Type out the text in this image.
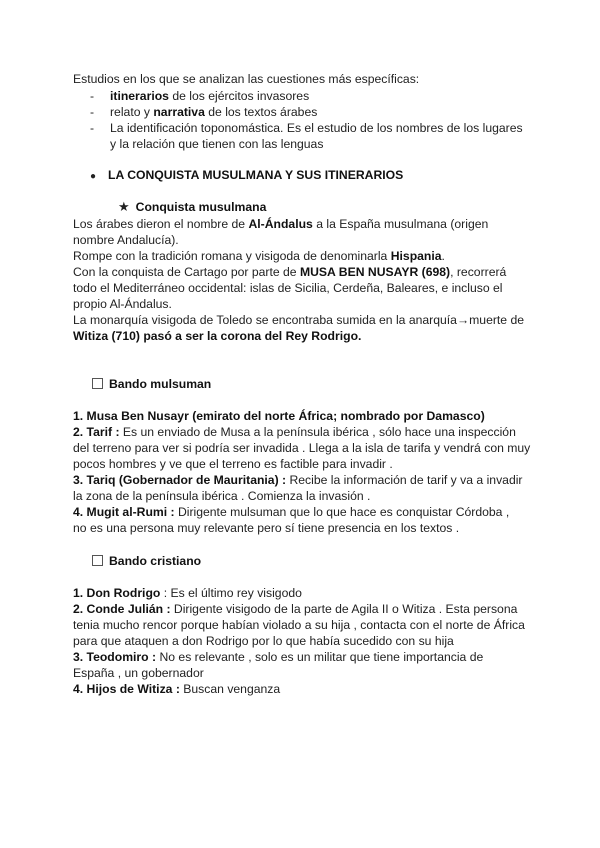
Estudios en los que se analizan las cuestiones más específicas:
- itinerarios de los ejércitos invasores
- relato y narrativa de los textos árabes
- La identificación toponomástica. Es el estudio de los nombres de los lugares
y la relación que tienen con las lenguas
● LA CONQUISTA MUSULMANA Y SUS ITINERARIOS
★ Conquista musulmana
Los árabes dieron el nombre de Al-Ándalus a la España musulmana (origen
nombre Andalucía).
Rompe con la tradición romana y visigoda de denominarla Hispania.
Con la conquista de Cartago por parte de MUSA BEN NUSAYR (698), recorrerá
todo el Mediterráneo occidental: islas de Sicilia, Cerdeña, Baleares, e incluso el
propio Al-Ándalus.
La monarquía visigoda de Toledo se encontraba sumida en la anarquía→muerte de
Witiza (710) pasó a ser la corona del Rey Rodrigo.
Bando mulsuman
1. Musa Ben Nusayr (emirato del norte África; nombrado por Damasco)
2. Tarif : Es un enviado de Musa a la península ibérica , sólo hace una inspección
del terreno para ver si podría ser invadida . Llega a la isla de tarifa y vendrá con muy
pocos hombres y ve que el terreno es factible para invadir .
3. Tariq (Gobernador de Mauritania) : Recibe la información de tarif y va a invadir
la zona de la península ibérica . Comienza la invasión .
4. Mugit al-Rumi : Dirigente mulsuman que lo que hace es conquistar Córdoba ,
no es una persona muy relevante pero sí tiene presencia en los textos .
Bando cristiano
1. Don Rodrigo : Es el último rey visigodo
2. Conde Julián : Dirigente visigodo de la parte de Agila II o Witiza . Esta persona
tenia mucho rencor porque habían violado a su hija , contacta con el norte de África
para que ataquen a don Rodrigo por lo que había sucedido con su hija
3. Teodomiro : No es relevante , solo es un militar que tiene importancia de
España , un gobernador
4. Hijos de Witiza : Buscan venganza
